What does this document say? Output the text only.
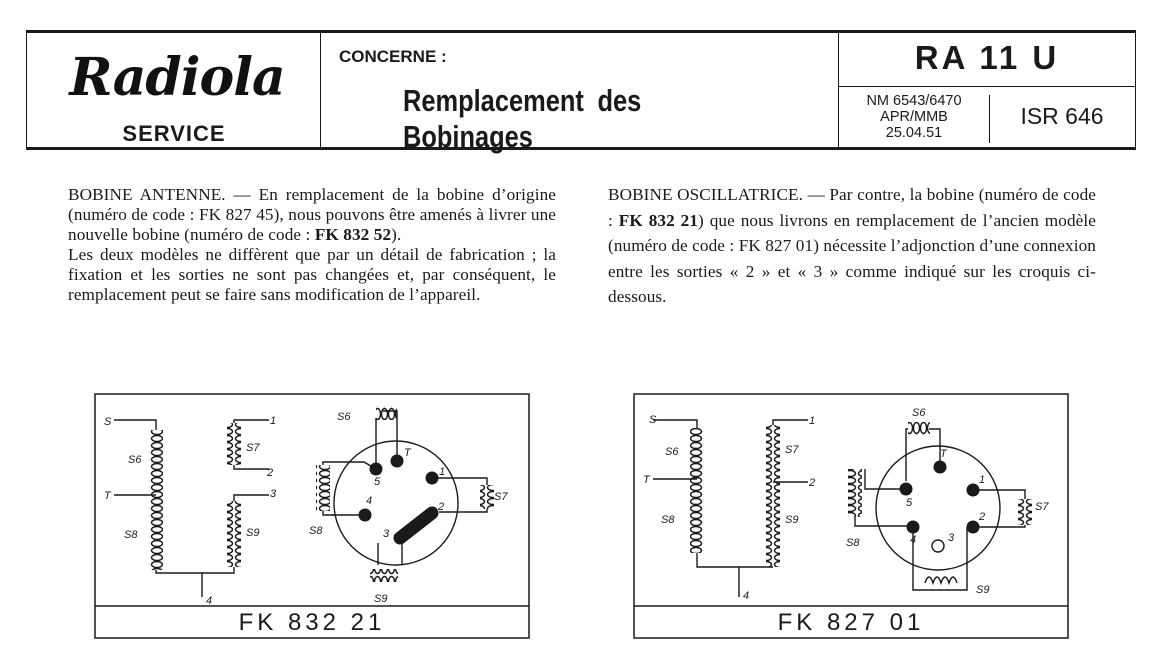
Radiola
SERVICE
CONCERNE :
Remplacement des Bobinages
RA 11 U
NM 6543/6470
APR/MMB
25.04.51
ISR 646

BOBINE ANTENNE. — En remplacement de la bobine d’origine (numéro de code : FK 827 45), nous pouvons être amenés à livrer une nouvelle bobine (numéro de code : FK 832 52).

Les deux modèles ne diffèrent que par un détail de fabrication ; la fixation et les sorties ne sont pas changées et, par conséquent, le remplacement peut se faire sans modification de l’appareil.

BOBINE OSCILLATRICE. — Par contre, la bobine (numéro de code : FK 832 21) que nous livrons en remplacement de l’ancien modèle (numéro de code : FK 827 01) nécessite l’adjonction d’une connexion entre les sorties « 2 » et « 3 » comme indiqué sur les croquis ci-dessous.

S
S6
T
S8
4
1
S7
2
3
S9
S6
T
5
1
4	2
3
S8
S7
S9
FK 832 21
S
S6
T
S8
4
1
S7
2
S9
S6
T
5
1
4
2
3
S8
S7
S9
FK 827 01
